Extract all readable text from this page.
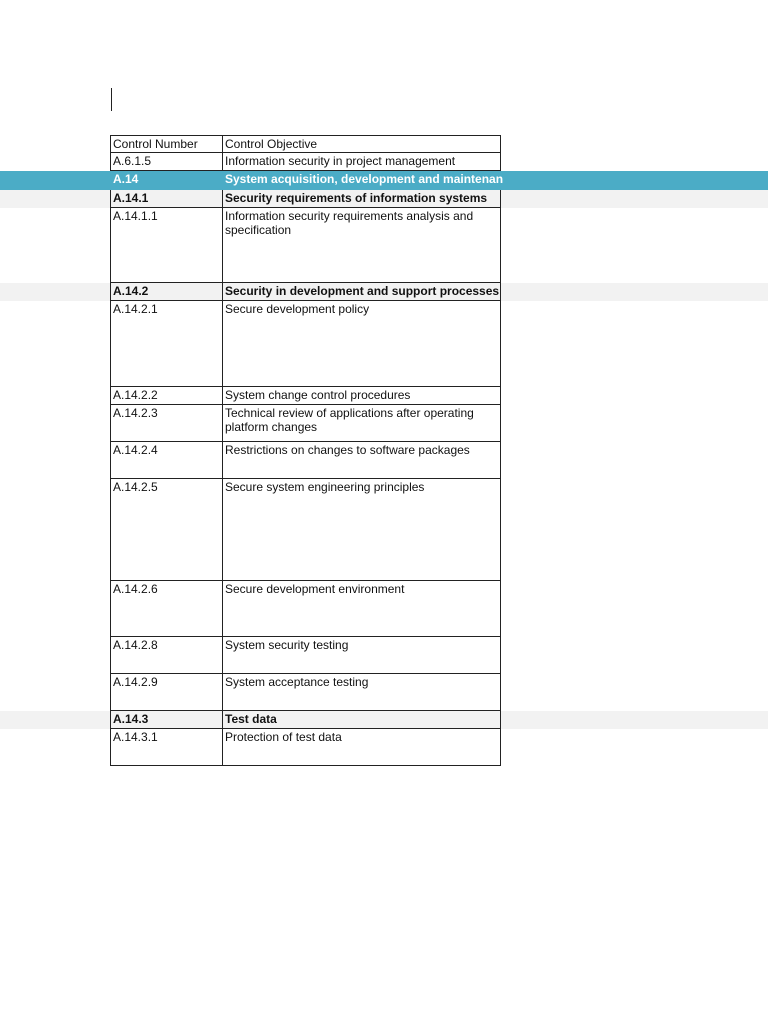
Control Number	Control Objective
A.6.1.5	Information security in project management
A.14	System acquisition, development and maintenan
A.14.1	Security requirements of information systems
A.14.1.1	Information security requirements analysis and specification
A.14.2	Security in development and support processes
A.14.2.1	Secure development policy
A.14.2.2	System change control procedures
A.14.2.3	Technical review of applications after operating platform changes
A.14.2.4	Restrictions on changes to software packages
A.14.2.5	Secure system engineering principles
A.14.2.6	Secure development environment
A.14.2.8	System security testing
A.14.2.9	System acceptance testing
A.14.3	Test data
A.14.3.1	Protection of test data
